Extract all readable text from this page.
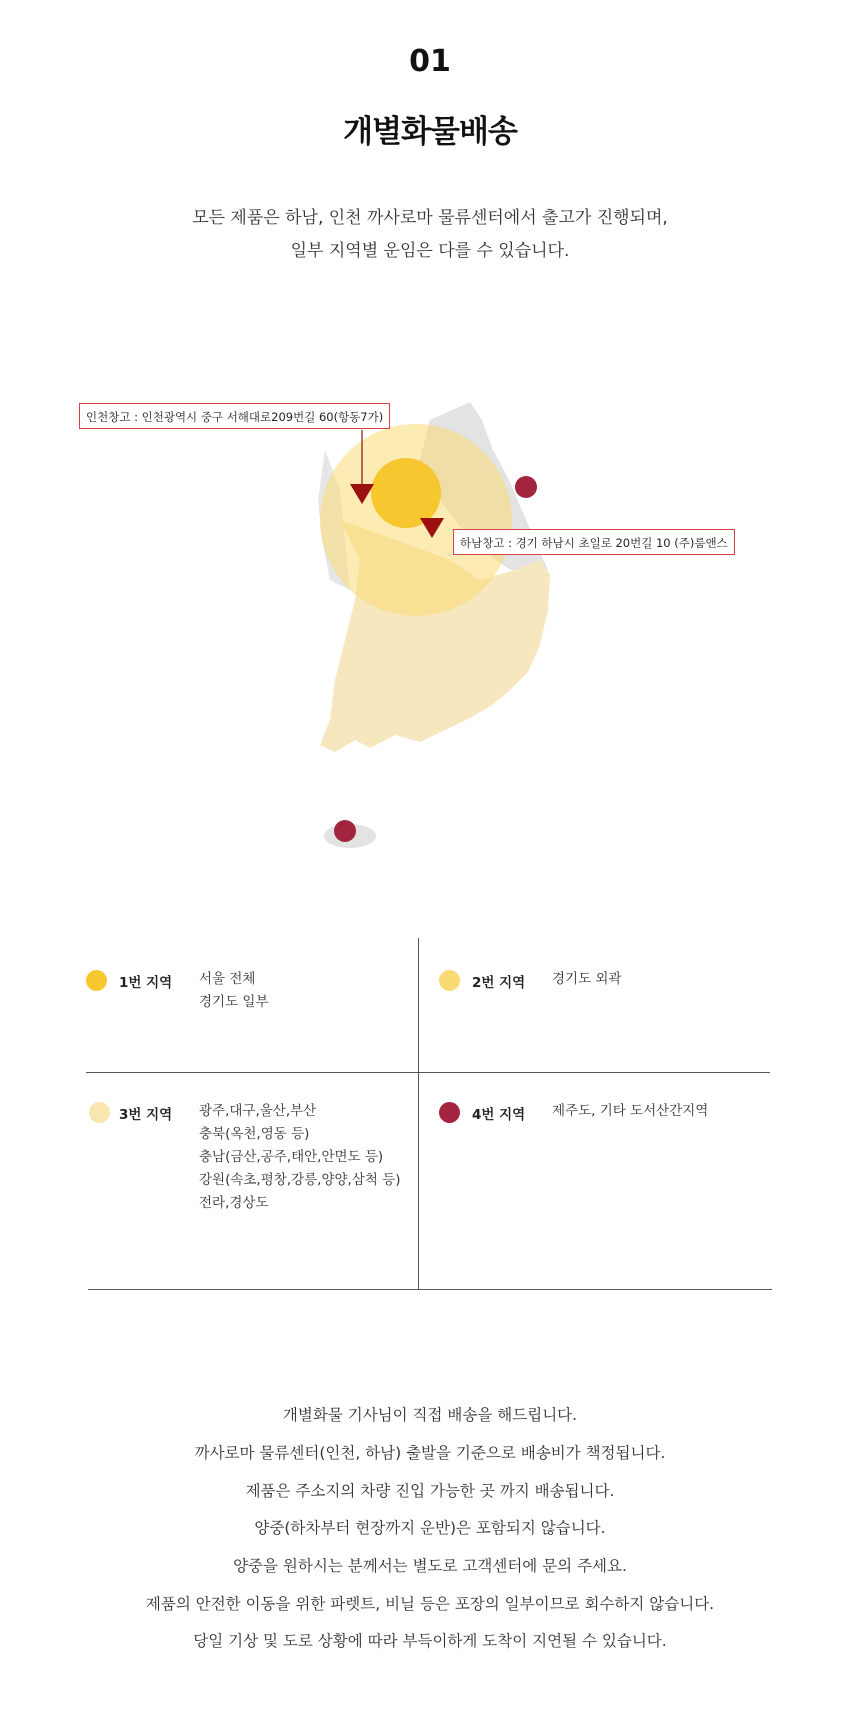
01
개별화물배송
모든 제품은 하남, 인천 까사로마 물류센터에서 출고가 진행되며,
일부 지역별 운임은 다를 수 있습니다.
인천창고 : 인천광역시 중구 서해대로209번길 60(항동7가)
하남창고 : 경기 하남시 초일로 20번길 10 (주)룸앤스
1번 지역 서울 전체
경기도 일부
2번 지역 경기도 외곽
3번 지역 광주,대구,울산,부산
충북(옥천,영동 등)
충남(금산,공주,태안,안면도 등)
강원(속초,평창,강릉,양양,삼척 등)
전라,경상도
4번 지역 제주도, 기타 도서산간지역
개별화물 기사님이 직접 배송을 해드립니다.
까사로마 물류센터(인천, 하남) 출발을 기준으로 배송비가 책정됩니다.
제품은 주소지의 차량 진입 가능한 곳 까지 배송됩니다.
양중(하차부터 현장까지 운반)은 포함되지 않습니다.
양중을 원하시는 분께서는 별도로 고객센터에 문의 주세요.
제품의 안전한 이동을 위한 파렛트, 비닐 등은 포장의 일부이므로 회수하지 않습니다.
당일 기상 및 도로 상황에 따라 부득이하게 도착이 지연될 수 있습니다.
